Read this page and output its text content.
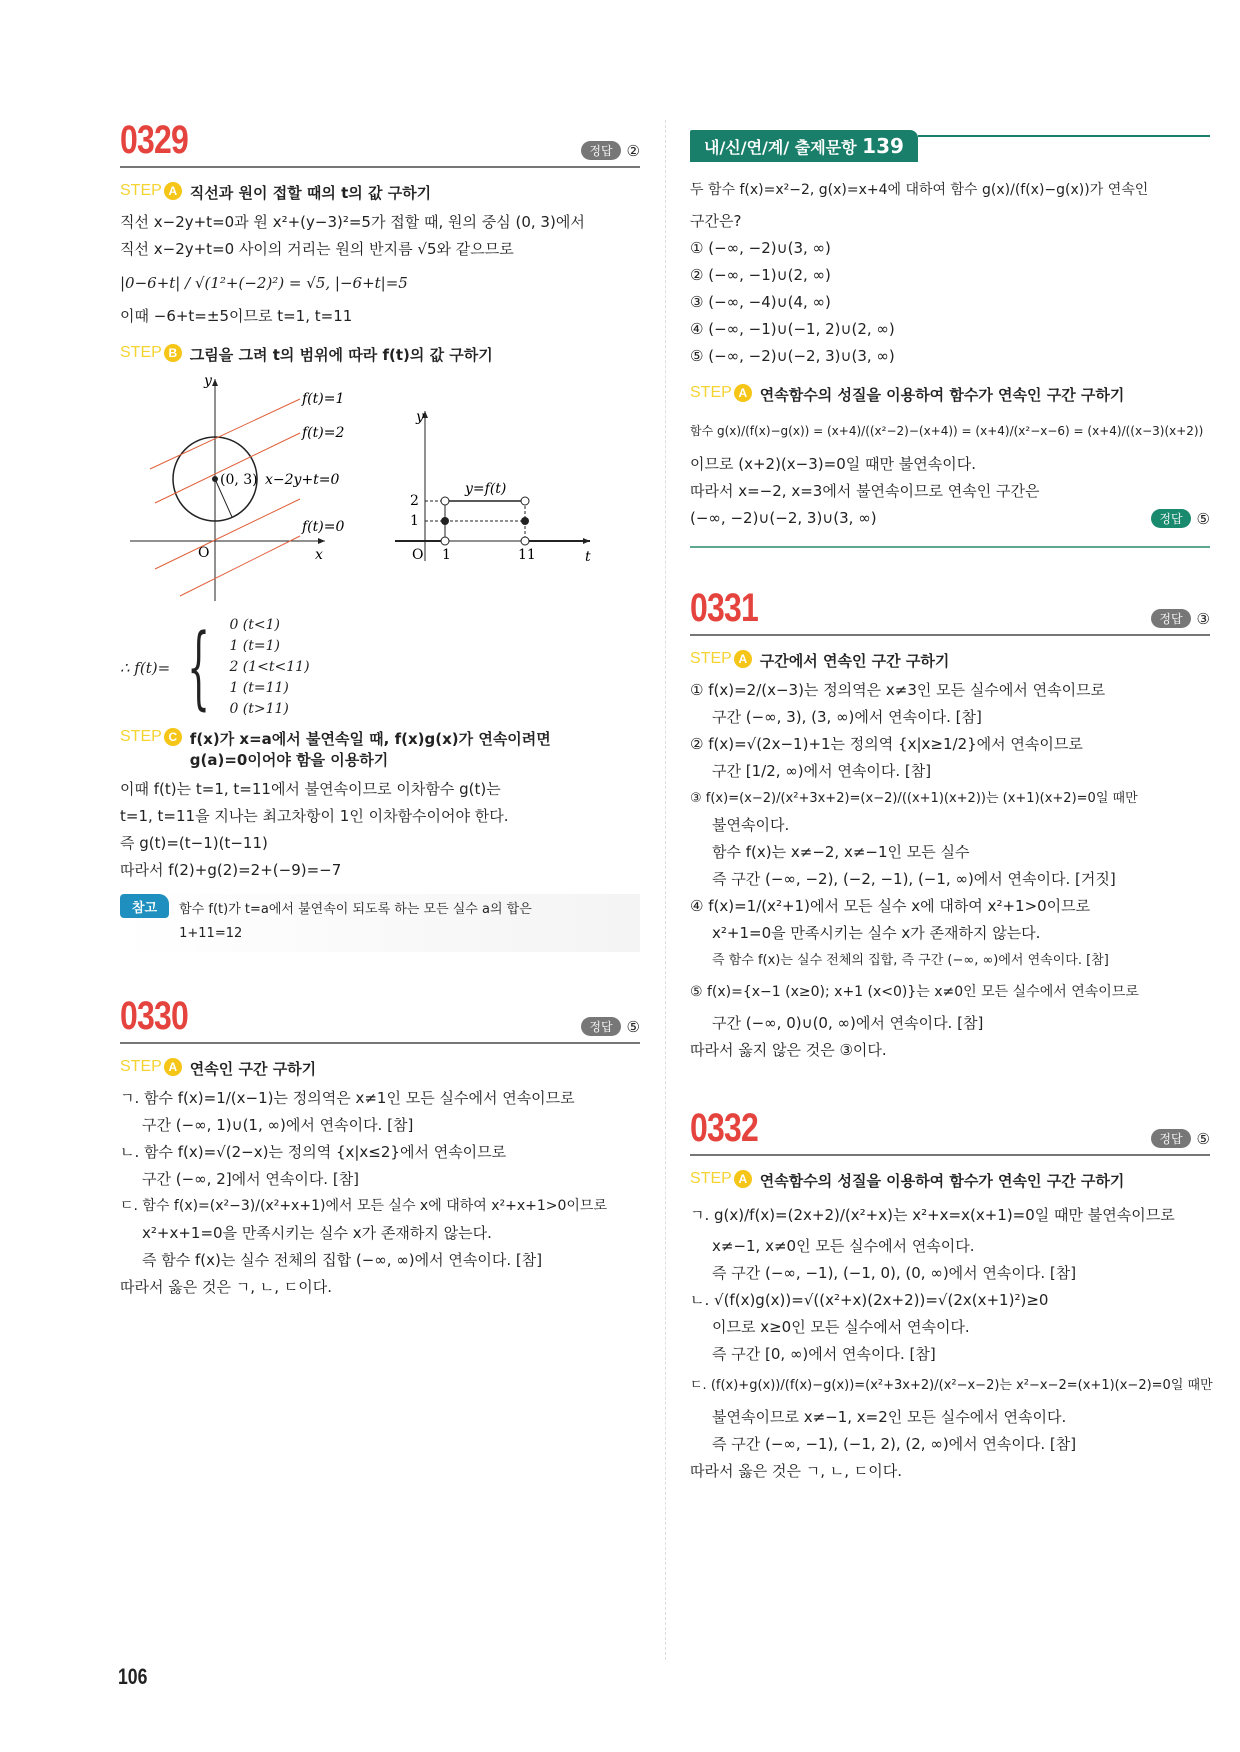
0329	정답 ②
STEP A 직선과 원이 접할 때의 t의 값 구하기
직선 x−2y+t=0과 원 x²+(y−3)²=5가 접할 때, 원의 중심 (0, 3)에서
직선 x−2y+t=0 사이의 거리는 원의 반지름 √5와 같으므로
|0−6+t| / √(1²+(−2)²) = √5, |−6+t|=5
이때 −6+t=±5이므로 t=1, t=11
STEP B 그림을 그려 t의 범위에 따라 f(t)의 값 구하기
y
x
O
(0, 3) x−2y+t=0
f(t)=1
f(t)=2
f(t)=0
y
t
O 1	11
2
1
y=f(t)
∴ f(t)= { 0 (t<1)
1 (t=1)
2 (1<t<11)
1 (t=11)
0 (t>11)
STEP C f(x)가 x=a에서 불연속일 때, f(x)g(x)가 연속이려면
g(a)=0이어야 함을 이용하기
이때 f(t)는 t=1, t=11에서 불연속이므로 이차함수 g(t)는
t=1, t=11을 지나는 최고차항이 1인 이차함수이어야 한다.
즉 g(t)=(t−1)(t−11)
따라서 f(2)+g(2)=2+(−9)=−7
참고	함수 f(t)가 t=a에서 불연속이 되도록 하는 모든 실수 a의 합은
1+11=12
0330	정답 ⑤
STEP A 연속인 구간 구하기
ㄱ. 함수 f(x)=1/(x−1)는 정의역은 x≠1인 모든 실수에서 연속이므로
구간 (−∞, 1)∪(1, ∞)에서 연속이다. [참]
ㄴ. 함수 f(x)=√(2−x)는 정의역 {x|x≤2}에서 연속이므로
구간 (−∞, 2]에서 연속이다. [참]
ㄷ. 함수 f(x)=(x²−3)/(x²+x+1)에서 모든 실수 x에 대하여 x²+x+1>0이므로
x²+x+1=0을 만족시키는 실수 x가 존재하지 않는다.
즉 함수 f(x)는 실수 전체의 집합 (−∞, ∞)에서 연속이다. [참]
따라서 옳은 것은 ㄱ, ㄴ, ㄷ이다.
내/신/연/계/ 출제문항 139
두 함수 f(x)=x²−2, g(x)=x+4에 대하여 함수 g(x)/(f(x)−g(x))가 연속인
구간은?
① (−∞, −2)∪(3, ∞)
② (−∞, −1)∪(2, ∞)
③ (−∞, −4)∪(4, ∞)
④ (−∞, −1)∪(−1, 2)∪(2, ∞)
⑤ (−∞, −2)∪(−2, 3)∪(3, ∞)
STEP A 연속함수의 성질을 이용하여 함수가 연속인 구간 구하기
함수 g(x)/(f(x)−g(x)) = (x+4)/((x²−2)−(x+4)) = (x+4)/(x²−x−6) = (x+4)/((x−3)(x+2))
이므로 (x+2)(x−3)=0일 때만 불연속이다.
따라서 x=−2, x=3에서 불연속이므로 연속인 구간은
(−∞, −2)∪(−2, 3)∪(3, ∞)	정답 ⑤
0331	정답 ③
STEP A 구간에서 연속인 구간 구하기
① f(x)=2/(x−3)는 정의역은 x≠3인 모든 실수에서 연속이므로
구간 (−∞, 3), (3, ∞)에서 연속이다. [참]
② f(x)=√(2x−1)+1는 정의역 {x|x≥1/2}에서 연속이므로
구간 [1/2, ∞)에서 연속이다. [참]
③ f(x)=(x−2)/(x²+3x+2)=(x−2)/((x+1)(x+2))는 (x+1)(x+2)=0일 때만
불연속이다.
함수 f(x)는 x≠−2, x≠−1인 모든 실수
즉 구간 (−∞, −2), (−2, −1), (−1, ∞)에서 연속이다. [거짓]
④ f(x)=1/(x²+1)에서 모든 실수 x에 대하여 x²+1>0이므로
x²+1=0을 만족시키는 실수 x가 존재하지 않는다.
즉 함수 f(x)는 실수 전체의 집합, 즉 구간 (−∞, ∞)에서 연속이다. [참]
⑤ f(x)={x−1 (x≥0); x+1 (x<0)}는 x≠0인 모든 실수에서 연속이므로
구간 (−∞, 0)∪(0, ∞)에서 연속이다. [참]
따라서 옳지 않은 것은 ③이다.
0332	정답 ⑤
STEP A 연속함수의 성질을 이용하여 함수가 연속인 구간 구하기
ㄱ. g(x)/f(x)=(2x+2)/(x²+x)는 x²+x=x(x+1)=0일 때만 불연속이므로
x≠−1, x≠0인 모든 실수에서 연속이다.
즉 구간 (−∞, −1), (−1, 0), (0, ∞)에서 연속이다. [참]
ㄴ. √(f(x)g(x))=√((x²+x)(2x+2))=√(2x(x+1)²)≥0
이므로 x≥0인 모든 실수에서 연속이다.
즉 구간 [0, ∞)에서 연속이다. [참]
ㄷ. (f(x)+g(x))/(f(x)−g(x))=(x²+3x+2)/(x²−x−2)는 x²−x−2=(x+1)(x−2)=0일 때만
불연속이므로 x≠−1, x=2인 모든 실수에서 연속이다.
즉 구간 (−∞, −1), (−1, 2), (2, ∞)에서 연속이다. [참]
따라서 옳은 것은 ㄱ, ㄴ, ㄷ이다.
106
